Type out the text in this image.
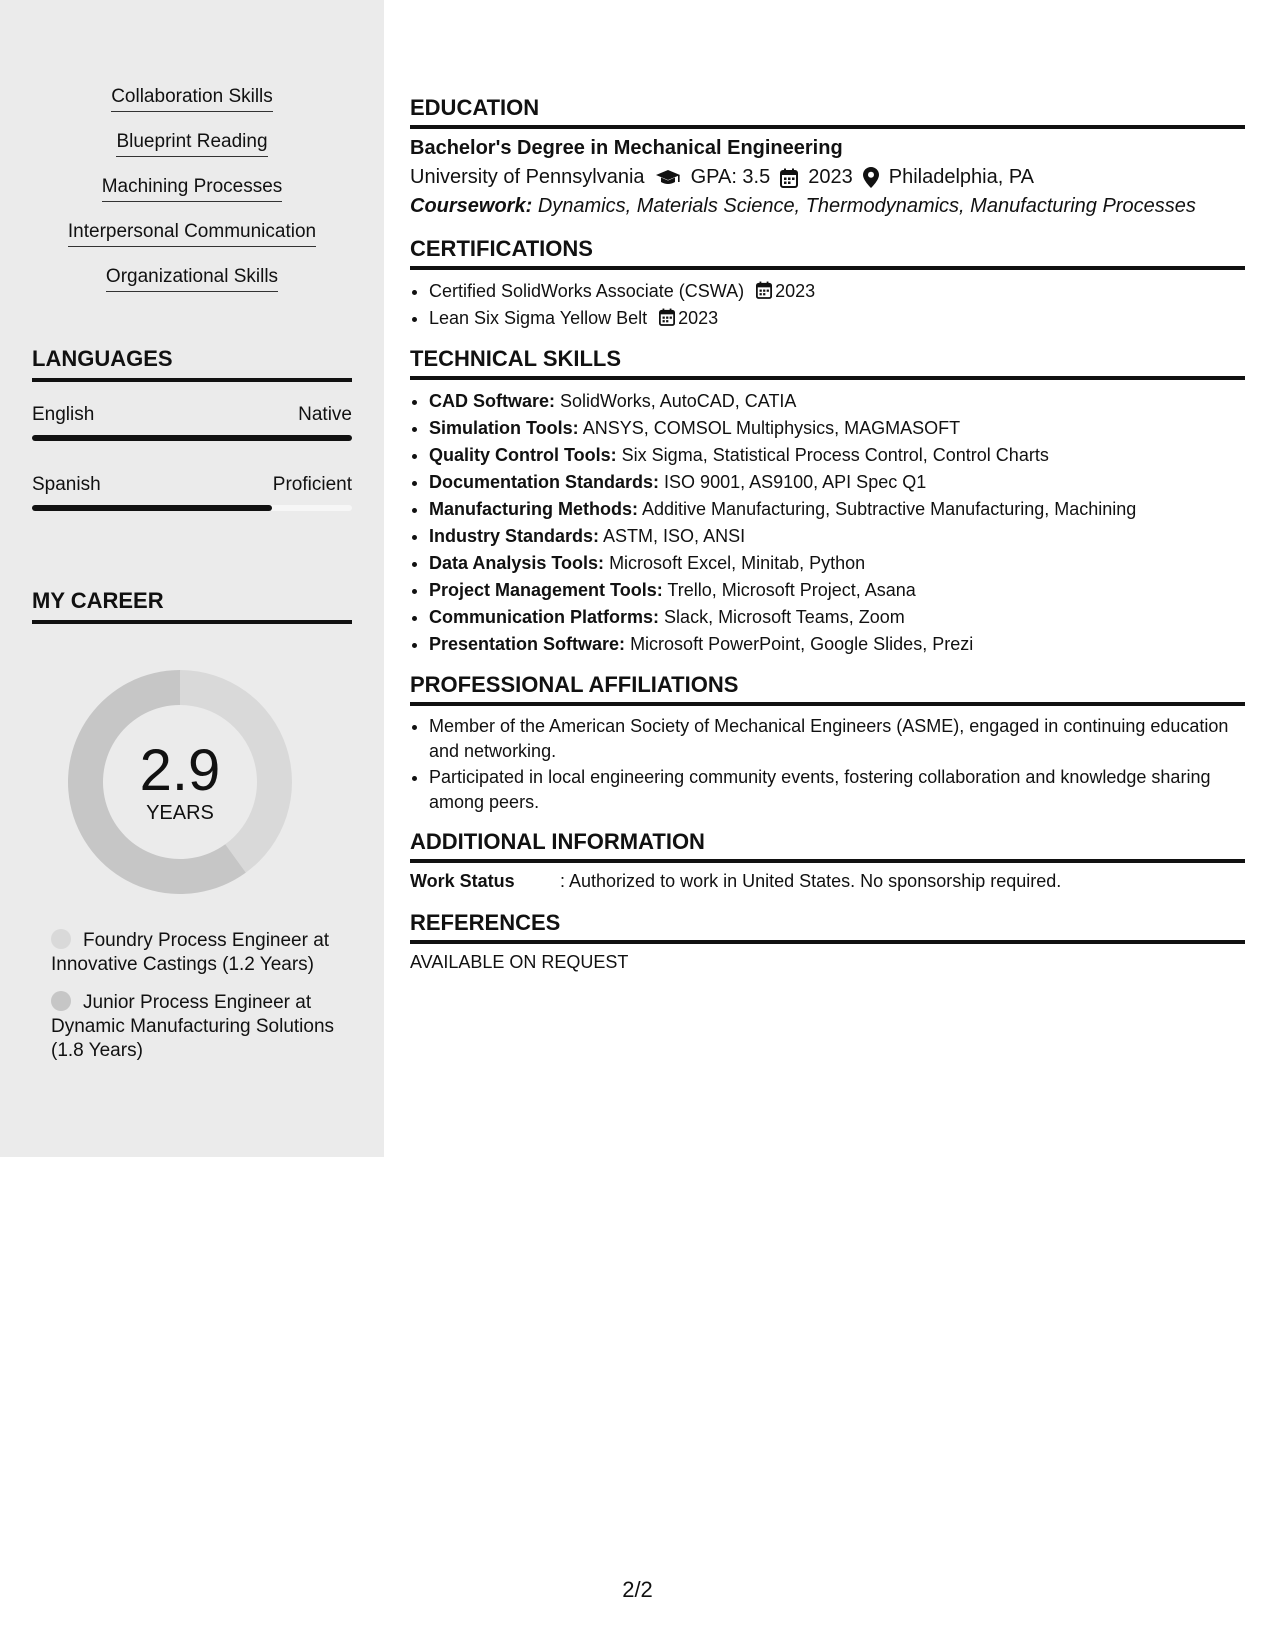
Collaboration Skills
Blueprint Reading
Machining Processes
Interpersonal Communication
Organizational Skills
LANGUAGES
English	Native
Spanish	Proficient
MY CAREER
2.9
YEARS
Foundry Process Engineer at Innovative Castings (1.2 Years)
Junior Process Engineer at Dynamic Manufacturing Solutions (1.8 Years)
EDUCATION
Bachelor's Degree in Mechanical Engineering
University of Pennsylvania GPA: 3.5 2023 Philadelphia, PA
Coursework: Dynamics, Materials Science, Thermodynamics, Manufacturing Processes
CERTIFICATIONS
• Certified SolidWorks Associate (CSWA) 2023
• Lean Six Sigma Yellow Belt 2023
TECHNICAL SKILLS
• CAD Software: SolidWorks, AutoCAD, CATIA
• Simulation Tools: ANSYS, COMSOL Multiphysics, MAGMASOFT
• Quality Control Tools: Six Sigma, Statistical Process Control, Control Charts
• Documentation Standards: ISO 9001, AS9100, API Spec Q1
• Manufacturing Methods: Additive Manufacturing, Subtractive Manufacturing, Machining
• Industry Standards: ASTM, ISO, ANSI
• Data Analysis Tools: Microsoft Excel, Minitab, Python
• Project Management Tools: Trello, Microsoft Project, Asana
• Communication Platforms: Slack, Microsoft Teams, Zoom
• Presentation Software: Microsoft PowerPoint, Google Slides, Prezi
PROFESSIONAL AFFILIATIONS
• Member of the American Society of Mechanical Engineers (ASME), engaged in continuing education and networking.
• Participated in local engineering community events, fostering collaboration and knowledge sharing among peers.
ADDITIONAL INFORMATION
Work Status	: Authorized to work in United States. No sponsorship required.
REFERENCES
AVAILABLE ON REQUEST
2/2
